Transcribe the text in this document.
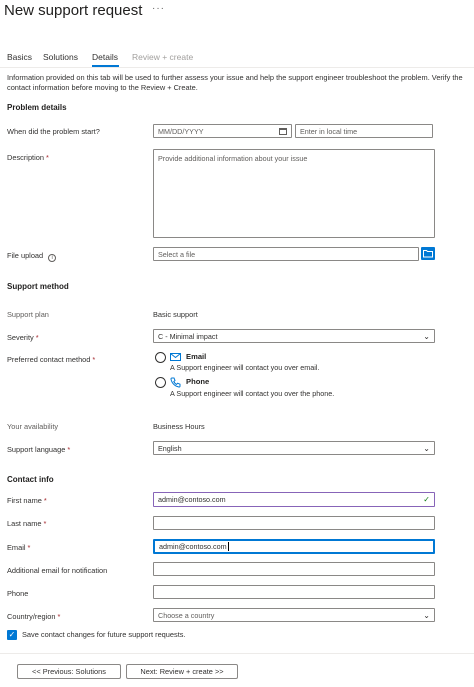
New support request ···
Basics Solutions Details Review + create
Information provided on this tab will be used to further assess your issue and help the support engineer troubleshoot the problem. Verify the contact information before moving to the Review + Create.
Problem details
When did the problem start?	MM/DD/YYYY	Enter in local time
Description *	Provide additional information about your issue
File upload i	Select a file
Support method
Support plan	Basic support
Severity *	C - Minimal impact	⌄
Preferred contact method *	Email
A Support engineer will contact you over email.
Phone
A Support engineer will contact you over the phone.
Your availability	Business Hours
Support language *	English	⌄
Contact info
First name *	admin@contoso.com	✓
Last name *
Email *	admin@contoso.com
Additional email for notification
Phone
Country/region *	Choose a country	⌄
✓ Save contact changes for future support requests.
<< Previous: Solutions	Next: Review + create >>
